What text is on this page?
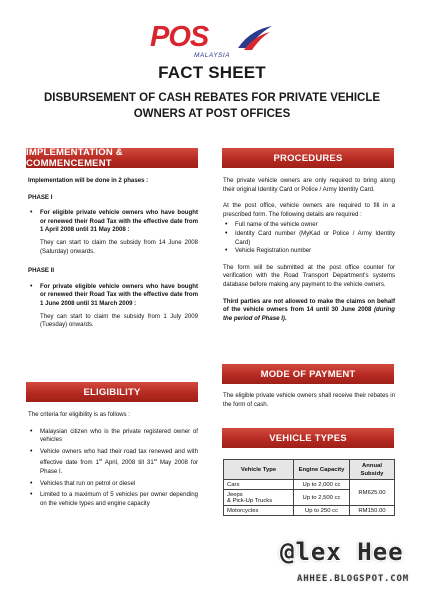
POS
MALAYSIA
FACT SHEET
DISBURSEMENT OF CASH REBATES FOR PRIVATE VEHICLE OWNERS AT POST OFFICES
IMPLEMENTATION & COMMENCEMENT

Implementation will be done in 2 phases :

PHASE I

• For eligible private vehicle owners who have bought or renewed their Road Tax with the effective date from 1 April 2008 until 31 May 2008 :

They can start to claim the subsidy from 14 June 2008 (Saturday) onwards.

PHASE II

• For private eligible vehicle owners who have bought or renewed their Road Tax with the effective date from 1 June 2008 until 31 March 2009 :

They can start to claim the subsidy from 1 July 2009 (Tuesday) onwards.

ELIGIBILITY

The criteria for eligibility is as follows :

• Malaysian citizen who is the private registered owner of vehicles
• Vehicle owners who had their road tax renewed and with effective date from 1st April, 2008 till 31st May 2008 for Phase I.
• Vehicles that run on petrol or diesel
• Limited to a maximum of 5 vehicles per owner depending on the vehicle types and engine capacity
PROCEDURES

The private vehicle owners are only required to bring along their original Identity Card or Police / Army Identity Card.

At the post office, vehicle owners are required to fill in a prescribed form. The following details are required :

• Full name of the vehicle owner
• Identity Card number (MyKad or Police / Army Identity Card)
• Vehicle Registration number

The form will be submitted at the post office counter for verification with the Road Transport Department's systems database before making any payment to the vehicle owners.

Third parties are not allowed to make the claims on behalf of the vehicle owners from 14 until 30 June 2008 (during the period of Phase I).

MODE OF PAYMENT
The eligible private vehicle owners shall receive their rebates in the form of cash.
VEHICLE TYPES
Vehicle Type	Engine Capacity	Annual Subsidy
Cars	Up to 2,000 cc	RM625.00
Jeeps
& Pick-Up Trucks	Up to 2,500 cc	
Motorcycles	Up to 250 cc	RM150.00
@lex Hee
AHHEE.BLOGSPOT.COM
